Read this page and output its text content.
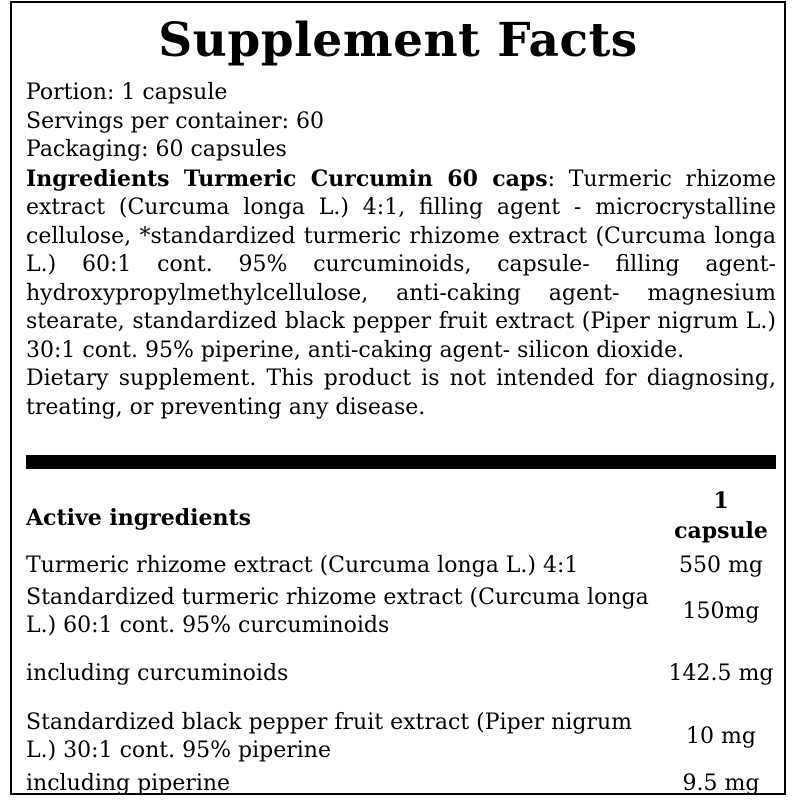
Supplement Facts
Portion: 1 capsule
Servings per container: 60
Packaging: 60 capsules

Ingredients Turmeric Curcumin 60 caps: Turmeric rhizome extract (Curcuma longa L.) 4:1, filling agent - microcrystalline cellulose, *standardized turmeric rhizome extract (Curcuma longa L.) 60:1 cont. 95% curcuminoids, capsule- filling agent- hydroxypropylmethylcellulose, anti-caking agent- magnesium stearate, standardized black pepper fruit extract (Piper nigrum L.) 30:1 cont. 95% piperine, anti-caking agent- silicon dioxide.

Dietary supplement. This product is not intended for diagnosing, treating, or preventing any disease.

Active ingredients	1 capsule
Turmeric rhizome extract (Curcuma longa L.) 4:1	550 mg
Standardized turmeric rhizome extract (Curcuma longa L.) 60:1 cont. 95% curcuminoids	150mg
including curcuminoids	142.5 mg
Standardized black pepper fruit extract (Piper nigrum L.) 30:1 cont. 95% piperine	10 mg
including piperine	9.5 mg
